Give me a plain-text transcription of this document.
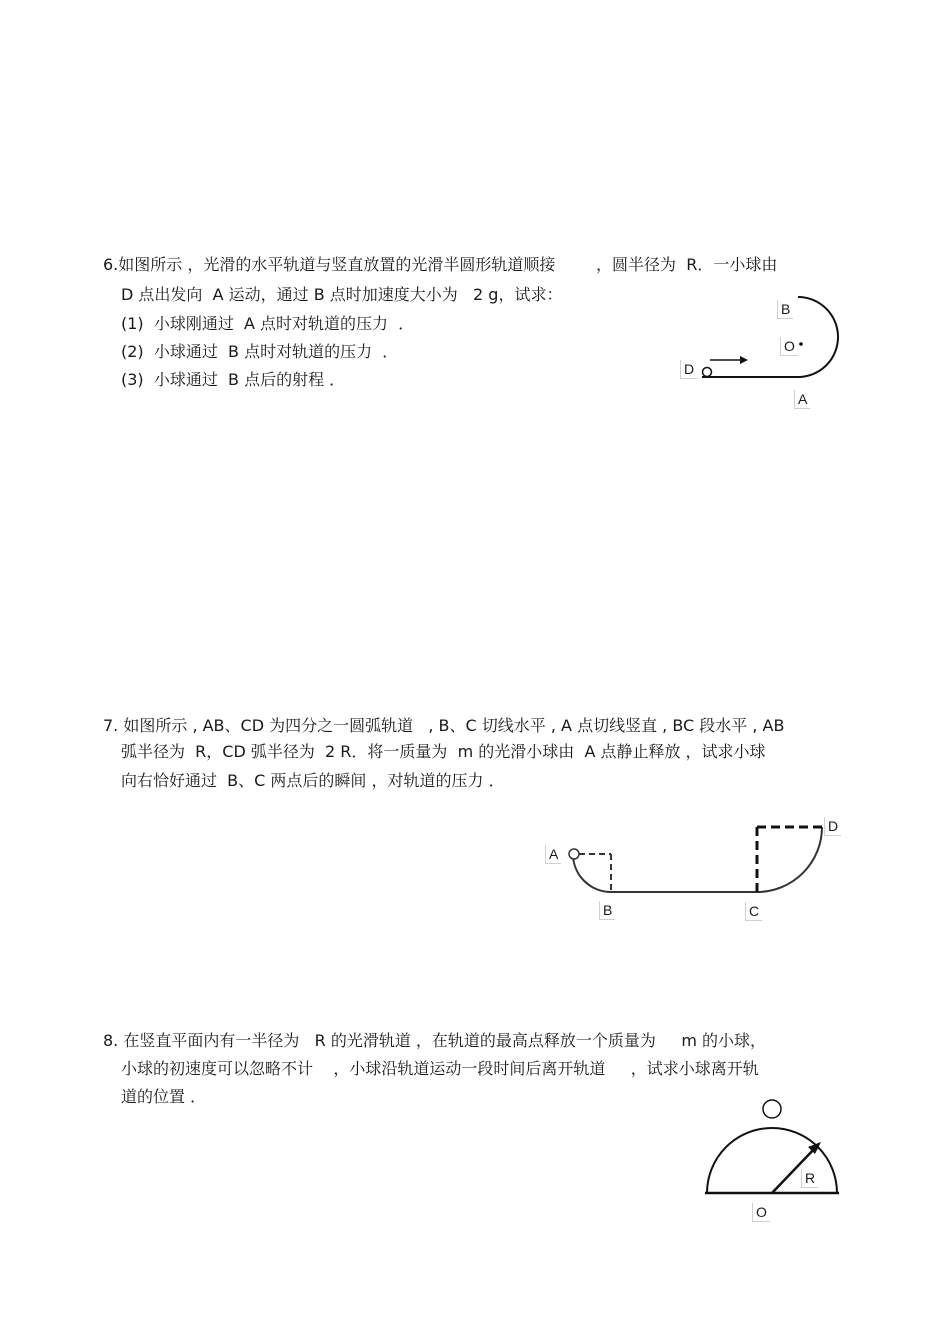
6.如图所示 ，光滑的水平轨道与竖直放置的光滑半圆形轨道顺接        ，圆半径为  R．一小球由
D 点出发向  A 运动，通过 B 点时加速度大小为   2 g，试求：
(1)  小球刚通过  A 点时对轨道的压力  ．
(2)  小球通过  B 点时对轨道的压力  ．
(3)  小球通过  B 点后的射程 ．
B
O
D
A
7. 如图所示 , AB、CD 为四分之一圆弧轨道   , B、C 切线水平 , A 点切线竖直 , BC 段水平 , AB
弧半径为  R，CD 弧半径为  2 R．将一质量为  m 的光滑小球由  A 点静止释放 ，试求小球
向右恰好通过  B、C 两点后的瞬间 ，对轨道的压力 ．
A
B	C
D
8. 在竖直平面内有一半径为   R 的光滑轨道 ，在轨道的最高点释放一个质量为     m 的小球，
小球的初速度可以忽略不计    ，小球沿轨道运动一段时间后离开轨道     ，试求小球离开轨
道的位置 ．
R
O
